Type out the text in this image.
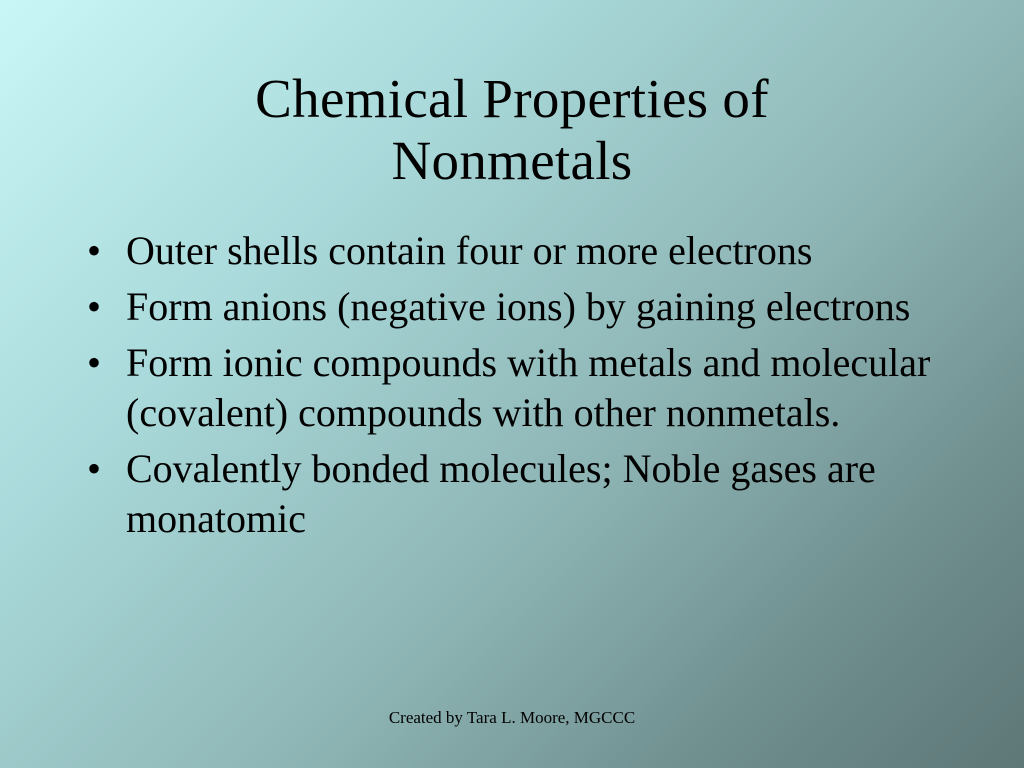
Chemical Properties of
Nonmetals
• Outer shells contain four or more electrons
• Form anions (negative ions) by gaining electrons
• Form ionic compounds with metals and molecular (covalent) compounds with other nonmetals.
• Covalently bonded molecules; Noble gases are monatomic
Created by Tara L. Moore, MGCCC
